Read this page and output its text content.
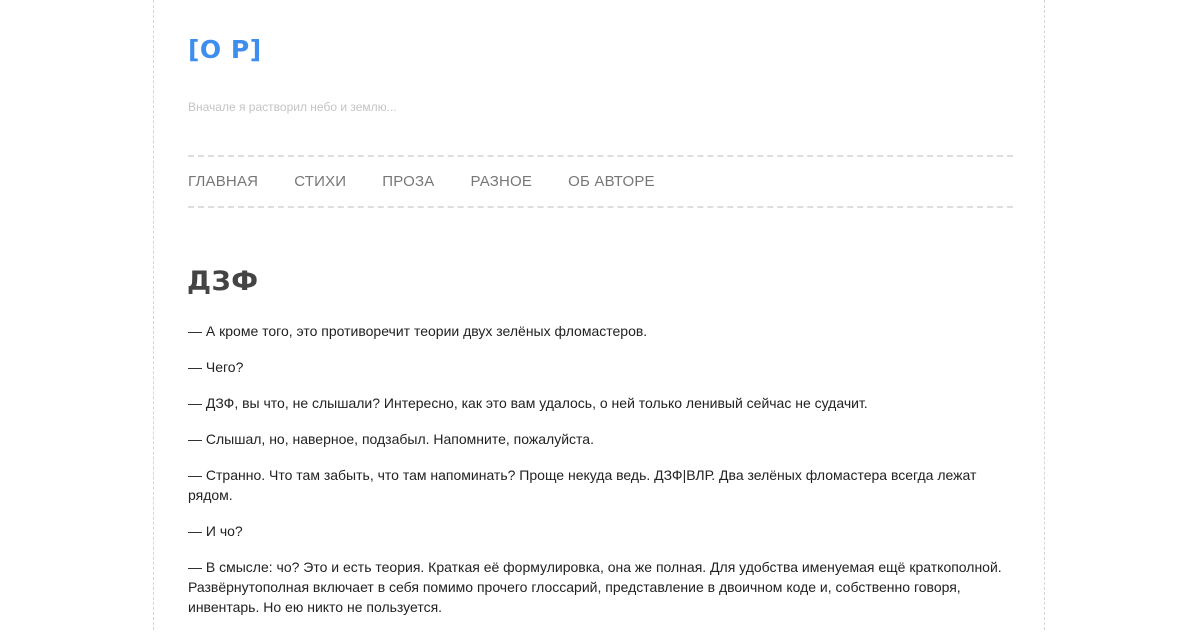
[O P]
Вначале я растворил небо и землю...
ГЛАВНАЯ СТИХИ ПРОЗА РАЗНОЕ ОБ АВТОРЕ
ДЗФ

— А кроме того, это противоречит теории двух зелёных фломастеров.

— Чего?

— ДЗФ, вы что, не слышали? Интересно, как это вам удалось, о ней только ленивый сейчас не судачит.

— Слышал, но, наверное, подзабыл. Напомните, пожалуйста.

— Странно. Что там забыть, что там напоминать? Проще некуда ведь. ДЗФ|ВЛР. Два зелёных фломастера всегда лежат рядом.

— И чо?

— В смысле: чо? Это и есть теория. Краткая её формулировка, она же полная. Для удобства именуемая ещё краткополной. Развёрнутополная включает в себя помимо прочего глоссарий, представление в двоичном коде и, собственно говоря, инвентарь. Но ею никто не пользуется.
